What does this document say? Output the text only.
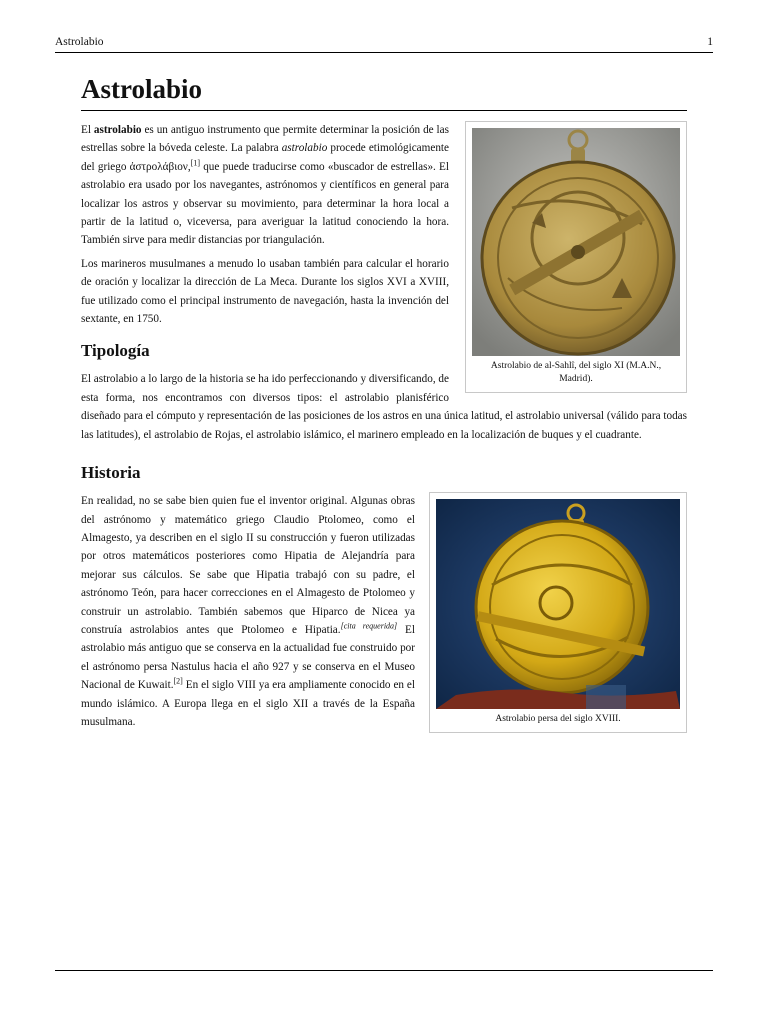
Astrolabio	1
Astrolabio
Astrolabio de al-Sahlî, del siglo XI (M.A.N., Madrid).

El astrolabio es un antiguo instrumento que permite determinar la posición de las estrellas sobre la bóveda celeste. La palabra astrolabio procede etimológicamente del griego ἀστρολάβιον,[1] que puede traducirse como «buscador de estrellas». El astrolabio era usado por los navegantes, astrónomos y científicos en general para localizar los astros y observar su movimiento, para determinar la hora local a partir de la latitud o, viceversa, para averiguar la latitud conociendo la hora. También sirve para medir distancias por triangulación.

Los marineros musulmanes a menudo lo usaban también para calcular el horario de oración y localizar la dirección de La Meca. Durante los siglos XVI a XVIII, fue utilizado como el principal instrumento de navegación, hasta la invención del sextante, en 1750.

Tipología

El astrolabio a lo largo de la historia se ha ido perfeccionando y diversificando, de esta forma, nos encontramos con diversos tipos: el astrolabio planisférico diseñado para el cómputo y representación de las posiciones de los astros en una única latitud, el astrolabio universal (válido para todas las latitudes), el astrolabio de Rojas, el astrolabio islámico, el marinero empleado en la localización de buques y el cuadrante.

Historia
Astrolabio persa del siglo XVIII.

En realidad, no se sabe bien quien fue el inventor original. Algunas obras del astrónomo y matemático griego Claudio Ptolomeo, como el Almagesto, ya describen en el siglo II su construcción y fueron utilizadas por otros matemáticos posteriores como Hipatia de Alejandría para mejorar sus cálculos. Se sabe que Hipatia trabajó con su padre, el astrónomo Teón, para hacer correcciones en el Almagesto de Ptolomeo y construir un astrolabio. También sabemos que Hiparco de Nicea ya construía astrolabios antes que Ptolomeo e Hipatia.[cita requerida] El astrolabio más antiguo que se conserva en la actualidad fue construido por el astrónomo persa Nastulus hacia el año 927 y se conserva en el Museo Nacional de Kuwait.[2] En el siglo VIII ya era ampliamente conocido en el mundo islámico. A Europa llega en el siglo XII a través de la España musulmana.
